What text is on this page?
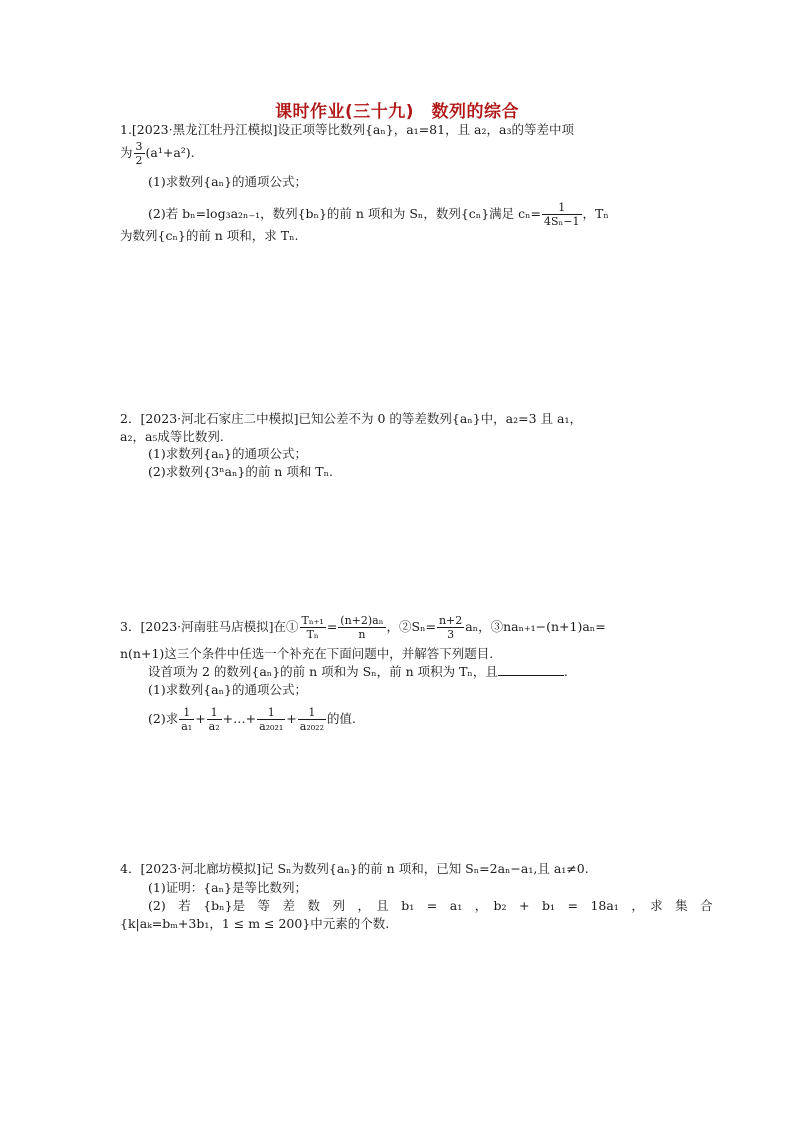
课时作业(三十九)　数列的综合
1.[2023·黑龙江牡丹江模拟]设正项等比数列{aₙ}，a₁=81，且 a₂，a₃的等差中项
为 $\frac{3}{2} (a^1+a^2)$.
(1)求数列{aₙ}的通项公式；
(2)若 bₙ=log₃a₂ₙ₋₁，数列{bₙ}的前 n 项和为 Sₙ，数列{cₙ}满足 $c_n= \frac{1}{\text{4Sₙ−1}}$ ，Tₙ
为数列{cₙ}的前 n 项和，求 Tₙ.
2．[2023·河北石家庄二中模拟]已知公差不为 0 的等差数列{aₙ}中，a₂=3 且 a₁，
a₂，a₅成等比数列.
(1)求数列{aₙ}的通项公式；
(2)求数列{3ⁿaₙ}的前 n 项和 Tₙ.
3．[2023·河南驻马店模拟]在① $\frac{\text{Tₙ₊₁}}{\text{Tₙ}} = \frac{\text{(n+2)aₙ}}{n}$ ，②Sₙ= $\frac{n+2}{3}$ aₙ，③naₙ₊₁−(n+1)aₙ=
n(n+1)这三个条件中任选一个补充在下面问题中，并解答下列题目.
设首项为 2 的数列{aₙ}的前 n 项和为 Sₙ，前 n 项积为 Tₙ，且	.
(1)求数列{aₙ}的通项公式；
(2)求 $\frac{1}{\text{a₁}} + \frac{1}{\text{a₂}}$ +…+ $\frac{1}{\text{a₂₀₂₁}} + \frac{1}{\text{a₂₀₂₂}}$ 的值.
4．[2023·河北廊坊模拟]记 Sₙ为数列{aₙ}的前 n 项和，已知 Sₙ=2aₙ−a₁,且 a₁≠0.
(1)证明：{aₙ}是等比数列；
(2)　若　{bₙ}是　等　差　数　列　，　且　b₁　=　a₁　，　b₂　+　b₁　=　18a₁　，　求　集　合
{k|aₖ=bₘ+3b₁，1 ≤ m ≤ 200}中元素的个数.
